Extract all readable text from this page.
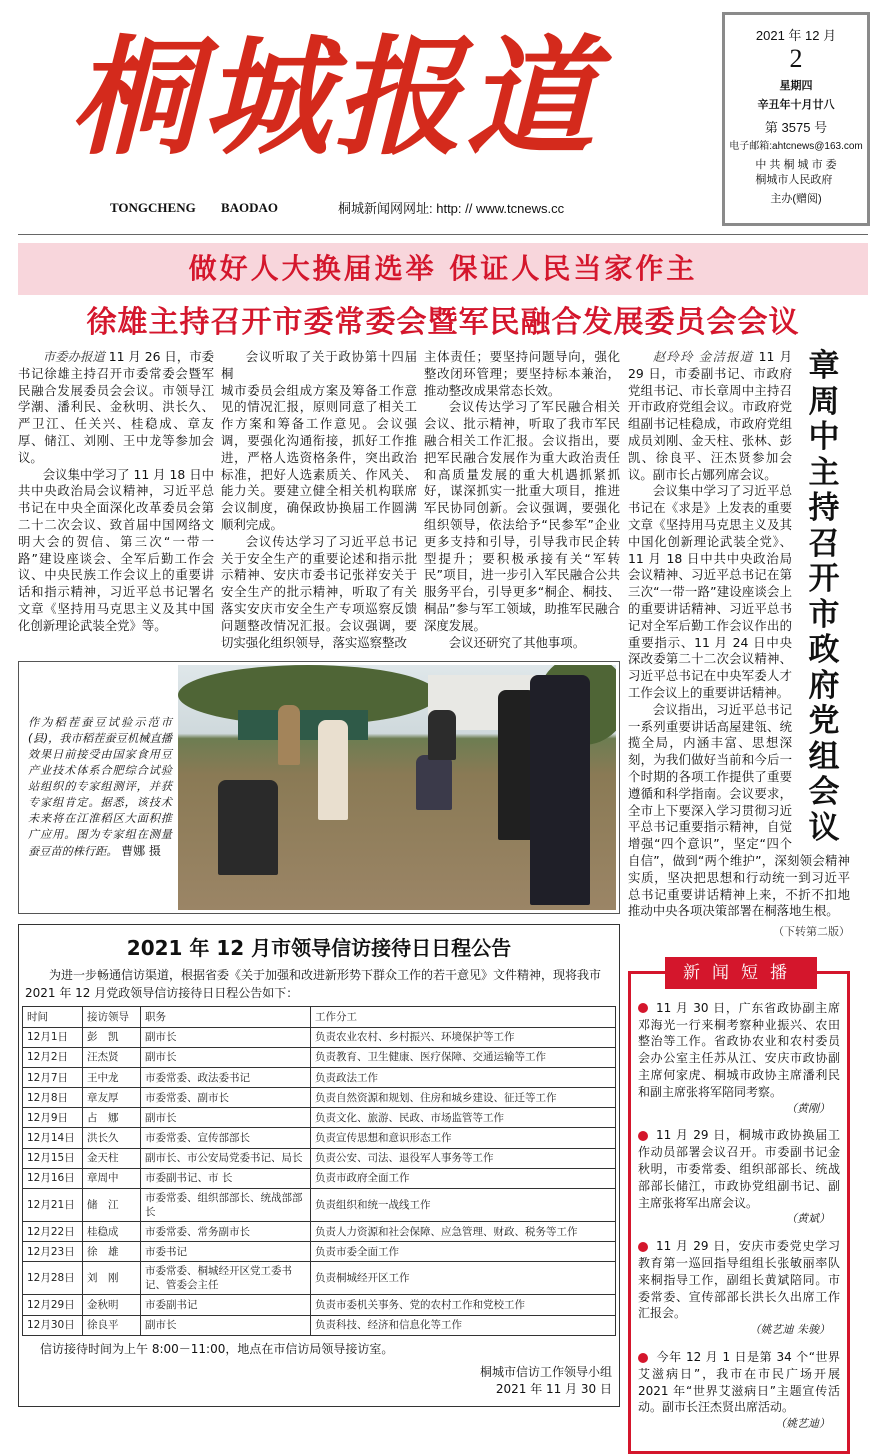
桐城报道
TONGCHENG BAODAO	桐城新闻网网址: http: // www.tcnews.cc
2021 年 12 月
2
星期四
辛丑年十月廿八
第 3575 号
电子邮箱:ahtcnews@163.com
中 共 桐 城 市 委
桐城市人民政府
主办(赠阅)
做好人大换届选举 保证人民当家作主
徐雄主持召开市委常委会暨军民融合发展委员会会议

市委办报道 11 月 26 日，市委书记徐雄主持召开市委常委会暨军民融合发展委员会会议。市领导江学潮、潘利民、金秋明、洪长久、严卫江、任关兴、桂稳成、章友厚、储江、刘刚、王中龙等参加会议。

会议集中学习了 11 月 18 日中共中央政治局会议精神，习近平总书记在中央全面深化改革委员会第二十二次会议、致首届中国网络文明大会的贺信、第三次“一带一路”建设座谈会、全军后勤工作会议、中央民族工作会议上的重要讲话和指示精神，习近平总书记署名文章《坚持用马克思主义及其中国化创新理论武装全党》等。

会议听取了关于政协第十四届桐

城市委员会组成方案及筹备工作意见的情况汇报，原则同意了相关工作方案和筹备工作意见。会议强调，要强化沟通衔接，抓好工作推进，严格人选资格条件，突出政治标准，把好人选素质关、作风关、能力关。要建立健全相关机构联席会议制度，确保政协换届工作圆满顺利完成。

会议传达学习了习近平总书记关于安全生产的重要论述和指示批示精神、安庆市委书记张祥安关于安全生产的批示精神，听取了有关落实安庆市安全生产专项巡察反馈问题整改情况汇报。会议强调，要切实强化组织领导，落实巡察整改

主体责任；要坚持问题导向，强化整改闭环管理；要坚持标本兼治，推动整改成果常态长效。

会议传达学习了军民融合相关会议、批示精神，听取了我市军民融合相关工作汇报。会议指出，要把军民融合发展作为重大政治责任和高质量发展的重大机遇抓紧抓好，谋深抓实一批重大项目，推进军民协同创新。会议强调，要强化组织领导，依法给予“民参军”企业更多支持和引导，引导我市民企转型提升；要积极承接有关“军转民”项目，进一步引入军民融合公共服务平台，引导更多“桐企、桐技、桐品”参与军工领域，助推军民融合深度发展。

会议还研究了其他事项。

作为稻茬蚕豆试验示范市(县)，我市稻茬蚕豆机械直播效果日前接受由国家食用豆产业技术体系合肥综合试验站组织的专家组测评，并获专家组肯定。据悉，该技术未来将在江淮稻区大面积推广应用。图为专家组在测量蚕豆苗的株行距。 曹娜 摄
2021 年 12 月市领导信访接待日日程公告
为进一步畅通信访渠道，根据省委《关于加强和改进新形势下群众工作的若干意见》文件精神，现将我市 2021 年 12 月党政领导信访接待日日程公告如下：
时间	接访领导	职务	工作分工
12月1日	彭　凯	副市长	负责农业农村、乡村振兴、环境保护等工作
12月2日	汪杰贤	副市长	负责教育、卫生健康、医疗保障、交通运输等工作
12月7日	王中龙	市委常委、政法委书记	负责政法工作
12月8日	章友厚	市委常委、副市长	负责自然资源和规划、住房和城乡建设、征迁等工作
12月9日	占　娜	副市长	负责文化、旅游、民政、市场监管等工作
12月14日	洪长久	市委常委、宣传部部长	负责宣传思想和意识形态工作
12月15日	金天柱	副市长、市公安局党委书记、局长	负责公安、司法、退役军人事务等工作
12月16日	章周中	市委副书记、市 长	负责市政府全面工作
12月21日	储　江	市委常委、组织部部长、统战部部长	负责组织和统一战线工作
12月22日	桂稳成	市委常委、常务副市长	负责人力资源和社会保障、应急管理、财政、税务等工作
12月23日	徐　雄	市委书记	负责市委全面工作
12月28日	刘　刚	市委常委、桐城经开区党工委书记、管委会主任	负责桐城经开区工作
12月29日	金秋明	市委副书记	负责市委机关事务、党的农村工作和党校工作
12月30日	徐良平	副市长	负责科技、经济和信息化等工作
信访接待时间为上午 8:00－11:00，地点在市信访局领导接访室。
桐城市信访工作领导小组
2021 年 11 月 30 日
章周中主持召开市政府党组会议

赵玲玲 金洁报道 11 月 29 日，市委副书记、市政府党组书记、市长章周中主持召开市政府党组会议。市政府党组副书记桂稳成，市政府党组成员刘刚、金天柱、张林、彭凯、徐良平、汪杰贤参加会议。副市长占娜列席会议。

会议集中学习了习近平总书记在《求是》上发表的重要文章《坚持用马克思主义及其中国化创新理论武装全党》、11 月 18 日中共中央政治局会议精神、习近平总书记在第三次“一带一路”建设座谈会上的重要讲话精神、习近平总书记对全军后勤工作会议作出的重要指示、11 月 24 日中央深改委第二十二次会议精神、习近平总书记在中央军委人才工作会议上的重要讲话精神。

会议指出，习近平总书记一系列重要讲话高屋建瓴、统揽全局，内涵丰富、思想深刻，为我们做好当前和今后一个时期的各项工作提供了重要遵循和科学指南。会议要求，全市上下要深入学习贯彻习近平总书记重要指示精神，自觉增强“四个意识”，坚定“四个自信”，做到“两个维护”，深刻领会精神实质，坚决把思想和行动统一到习近平总书记重要讲话精神上来，不折不扣地推动中央各项决策部署在桐落地生根。

（下转第二版）
新闻短播
11 月 30 日，广东省政协副主席邓海光一行来桐考察种业振兴、农田整治等工作。省政协农业和农村委员会办公室主任苏从江、安庆市政协副主席何家虎、桐城市政协主席潘利民和副主席张将军陪同考察。
（黄刚）
11 月 29 日，桐城市政协换届工作动员部署会议召开。市委副书记金秋明，市委常委、组织部部长、统战部部长储江，市政协党组副书记、副主席张将军出席会议。
（黄斌）
11 月 29 日，安庆市委党史学习教育第一巡回指导组组长张敏丽率队来桐指导工作，副组长黄斌陪同。市委常委、宣传部部长洪长久出席工作汇报会。
（姚艺迪 朱骏）
今年 12 月 1 日是第 34 个“世界艾滋病日”，我市在市民广场开展 2021 年“世界艾滋病日”主题宣传活动。副市长汪杰贤出席活动。
（姚艺迪）
